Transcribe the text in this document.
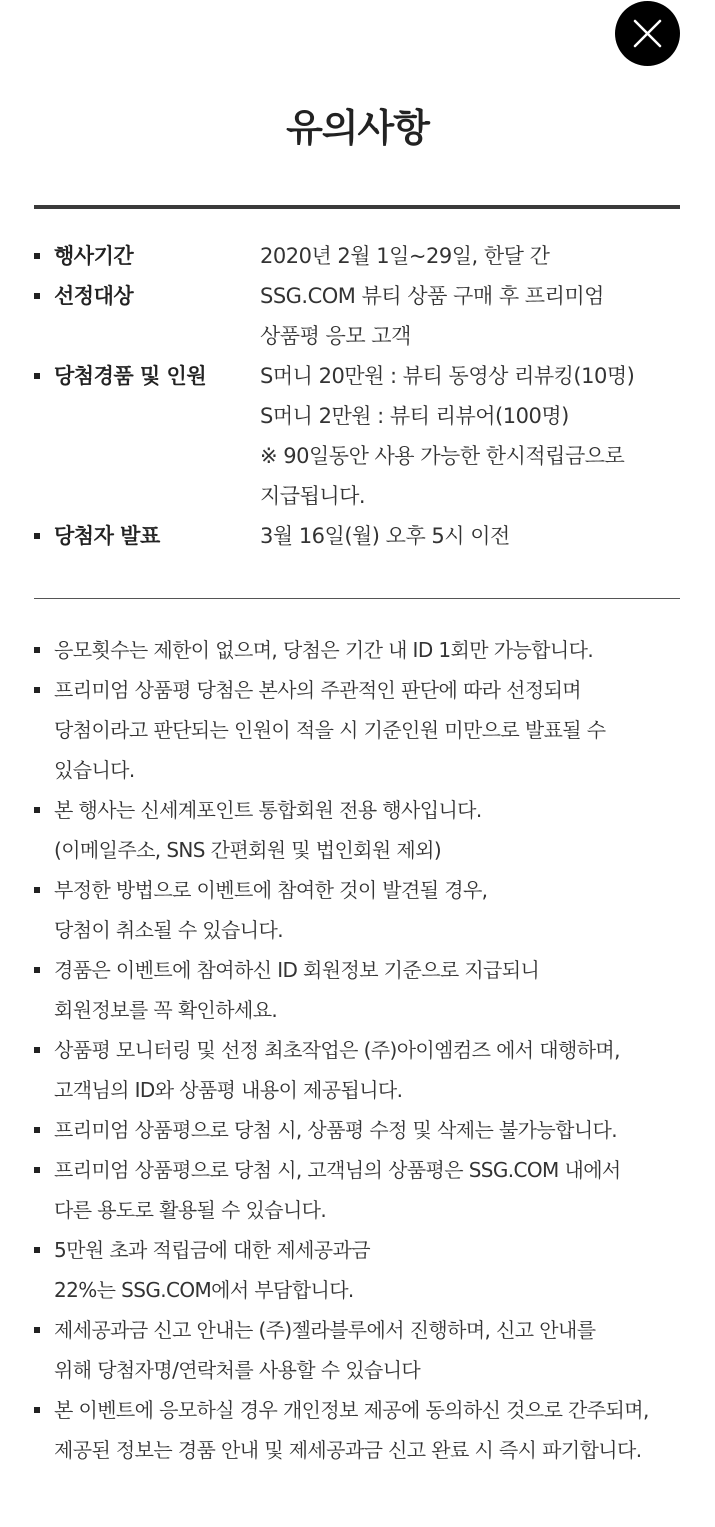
유의사항
행사기간	2020년 2월 1일~29일, 한달 간
선정대상	SSG.COM 뷰티 상품 구매 후 프리미엄
상품평 응모 고객
당첨경품 및 인원	S머니 20만원 : 뷰티 동영상 리뷰킹(10명)
S머니 2만원 : 뷰티 리뷰어(100명)
※ 90일동안 사용 가능한 한시적립금으로
지급됩니다.
당첨자 발표	3월 16일(월) 오후 5시 이전
응모횟수는 제한이 없으며, 당첨은 기간 내 ID 1회만 가능합니다.
프리미엄 상품평 당첨은 본사의 주관적인 판단에 따라 선정되며
당첨이라고 판단되는 인원이 적을 시 기준인원 미만으로 발표될 수
있습니다.
본 행사는 신세계포인트 통합회원 전용 행사입니다.
(이메일주소, SNS 간편회원 및 법인회원 제외)
부정한 방법으로 이벤트에 참여한 것이 발견될 경우,
당첨이 취소될 수 있습니다.
경품은 이벤트에 참여하신 ID 회원정보 기준으로 지급되니
회원정보를 꼭 확인하세요.
상품평 모니터링 및 선정 최초작업은 (주)아이엠컴즈 에서 대행하며,
고객님의 ID와 상품평 내용이 제공됩니다.
프리미엄 상품평으로 당첨 시, 상품평 수정 및 삭제는 불가능합니다.
프리미엄 상품평으로 당첨 시, 고객님의 상품평은 SSG.COM 내에서
다른 용도로 활용될 수 있습니다.
5만원 초과 적립금에 대한 제세공과금
22%는 SSG.COM에서 부담합니다.
제세공과금 신고 안내는 (주)젤라블루에서 진행하며, 신고 안내를
위해 당첨자명/연락처를 사용할 수 있습니다
본 이벤트에 응모하실 경우 개인정보 제공에 동의하신 것으로 간주되며,
제공된 정보는 경품 안내 및 제세공과금 신고 완료 시 즉시 파기합니다.
